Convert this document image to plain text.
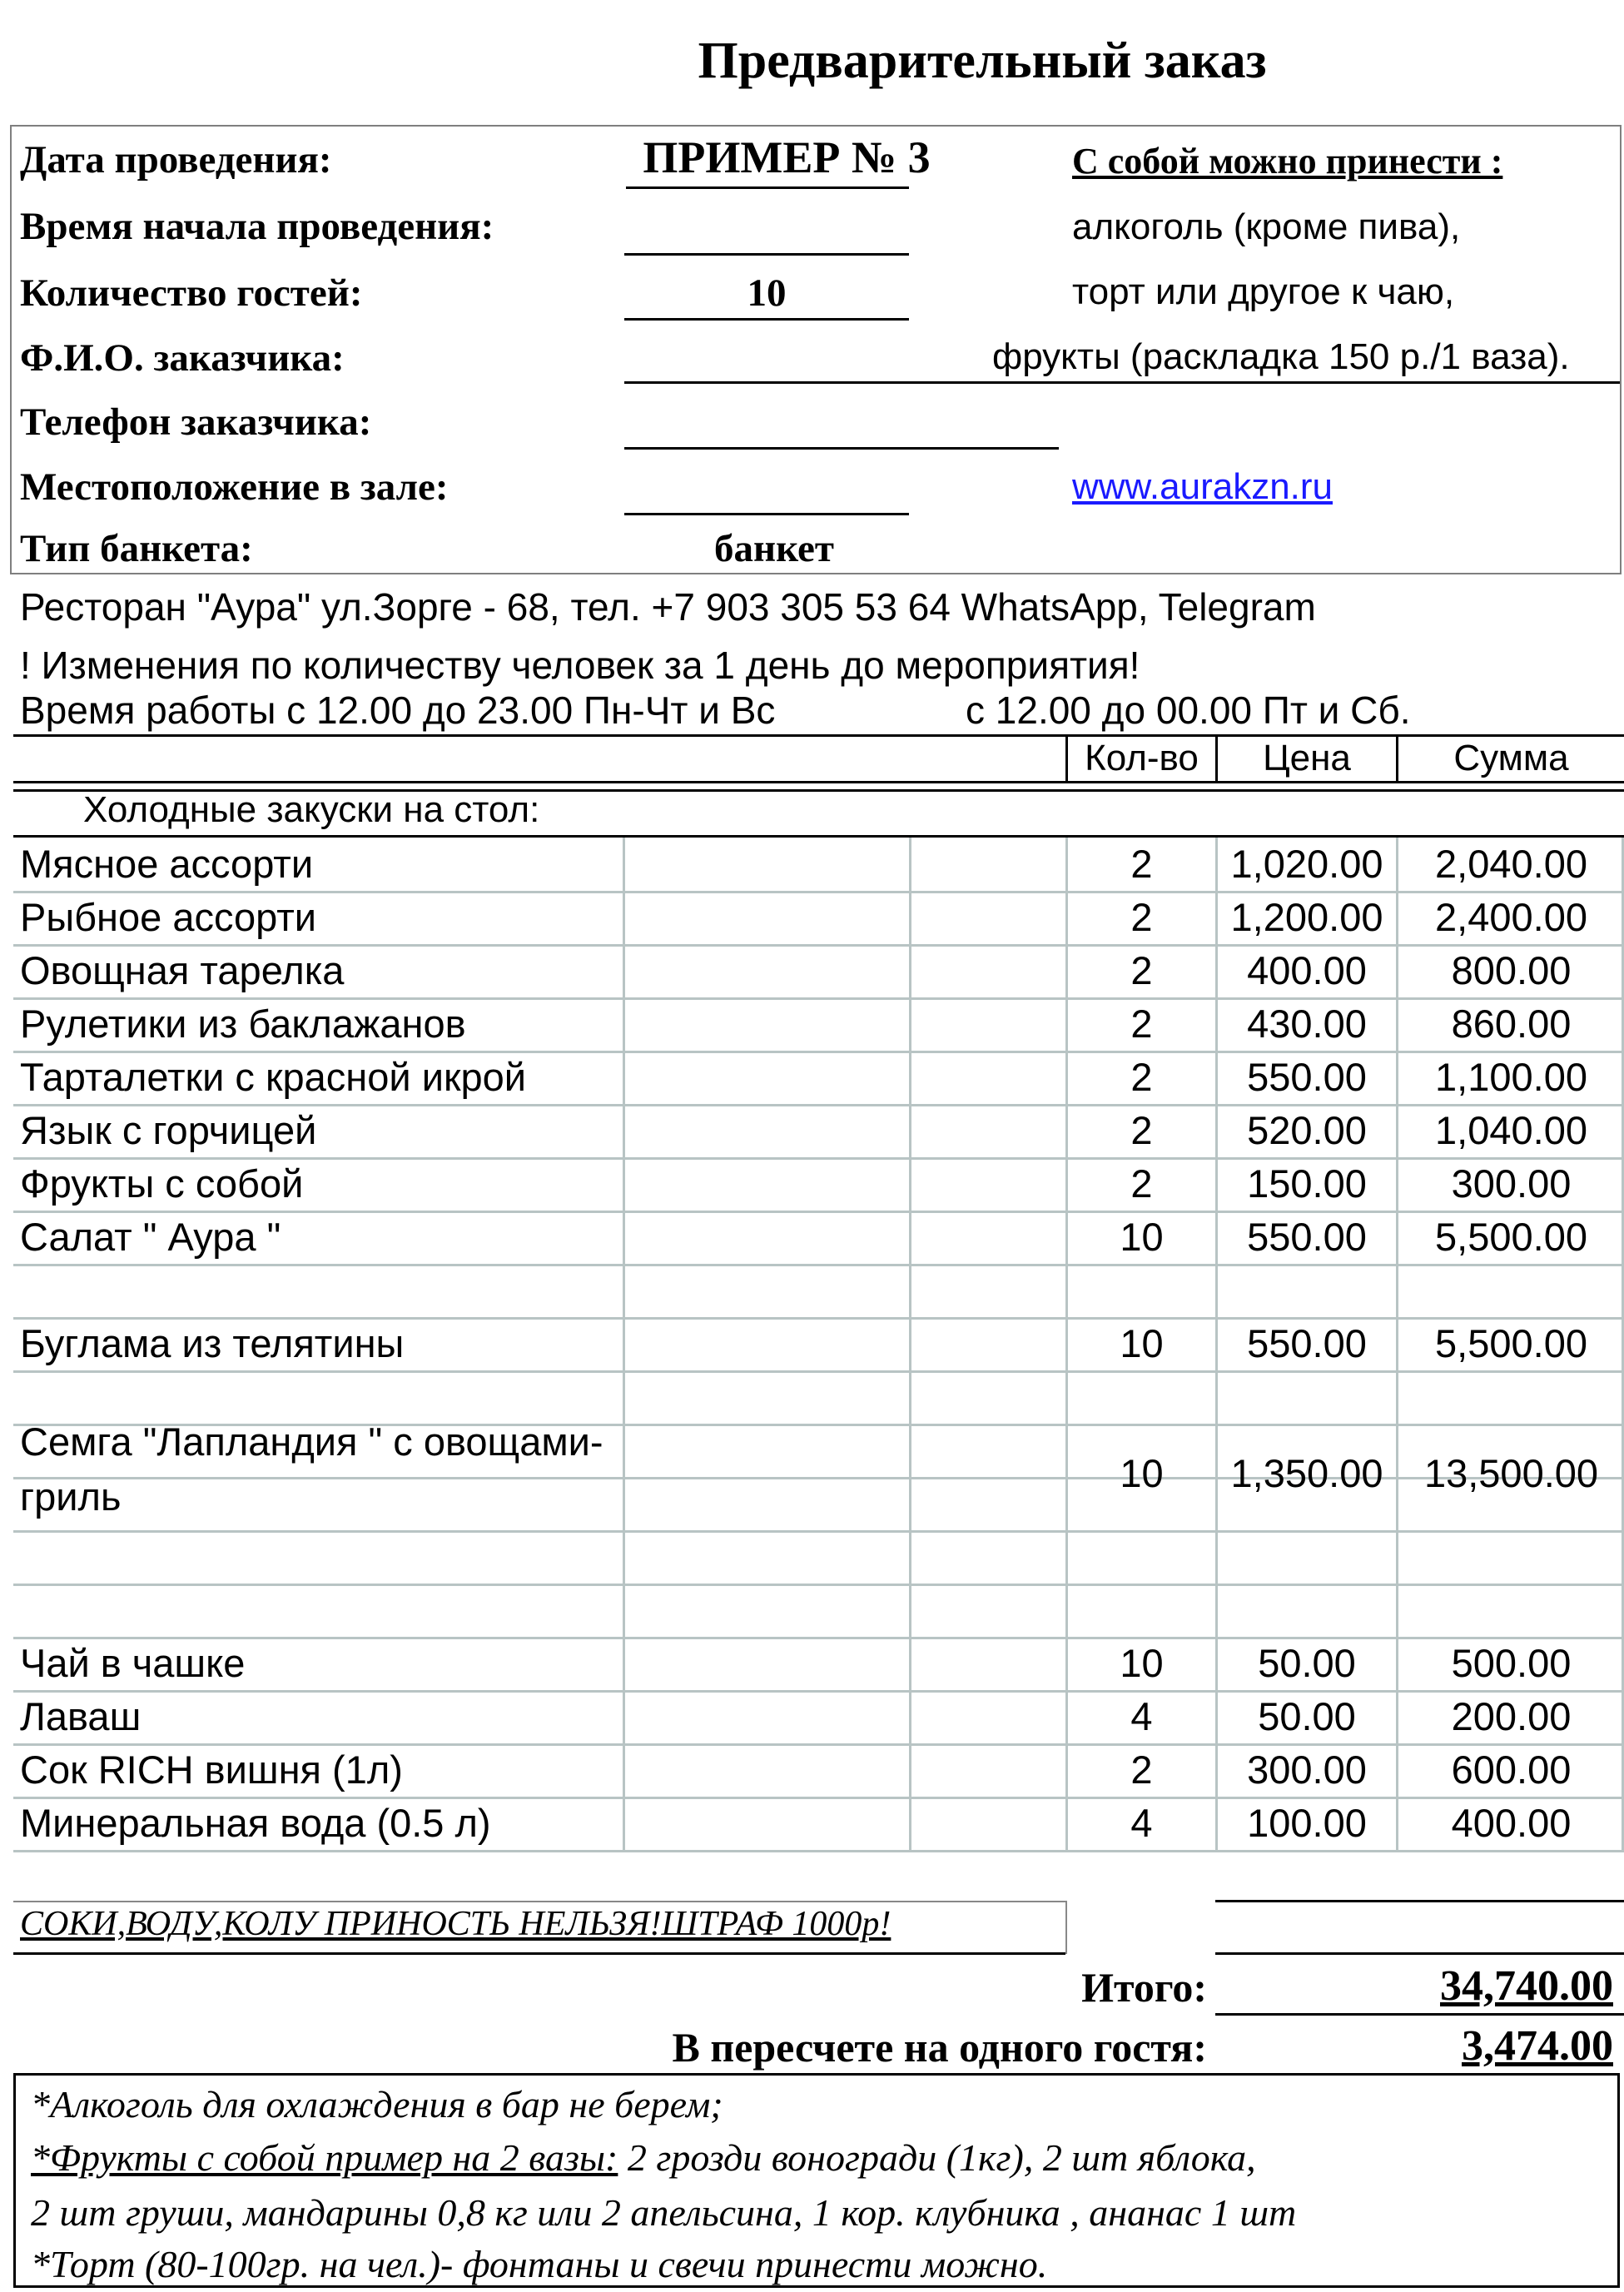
Предварительный заказ
Дата проведения:	ПРИМЕР № 3
Время начала проведения:
Количество гостей:	10
Ф.И.О. заказчика:
Телефон заказчика:
Местоположение в зале:
Тип банкета:	банкет
С собой можно принести :
алкоголь (кроме пива),
торт или другое к чаю,
фрукты (раскладка 150 р./1 ваза).
www.aurakzn.ru
Ресторан "Аура" ул.Зорге - 68, тел. +7 903 305 53 64 WhatsApp, Telegram
! Изменения по количеству человек за 1 день до мероприятия!
Время работы с 12.00 до 23.00 Пн-Чт и Вс	с 12.00 до 00.00 Пт и Сб.
Кол-во	Цена	Сумма
Холодные закуски на стол:
Мясное ассорти	2	1,020.00	2,040.00
Рыбное ассорти	2	1,200.00	2,400.00
Овощная тарелка	2	400.00	800.00
Рулетики из баклажанов	2	430.00	860.00
Тарталетки с красной икрой	2	550.00	1,100.00
Язык с горчицей	2	520.00	1,040.00
Фрукты с собой	2	150.00	300.00
Салат " Аура "	10	550.00	5,500.00
Буглама из телятины	10	550.00	5,500.00
Семга "Лапландия " с овощами-
гриль
10	1,350.00	13,500.00
Чай в чашке	10	50.00	500.00
Лаваш	4	50.00	200.00
Сок RICH вишня (1л)	2	300.00	600.00
Минеральная вода (0.5 л)	4	100.00	400.00
СОКИ,ВОДУ,КОЛУ ПРИНОСТЬ НЕЛЬЗЯ!ШТРАФ 1000р!
Итого:	34,740.00
В пересчете на одного гостя:	3,474.00
*Алкоголь для охлаждения в бар не берем;
*Фрукты с собой пример на 2 вазы: 2 грозди воногради (1кг), 2 шт яблока,
2 шт груши, мандарины 0,8 кг или 2 апельсина, 1 кор. клубника , ананас 1 шт
*Торт (80-100гр. на чел.)- фонтаны и свечи принести можно.
